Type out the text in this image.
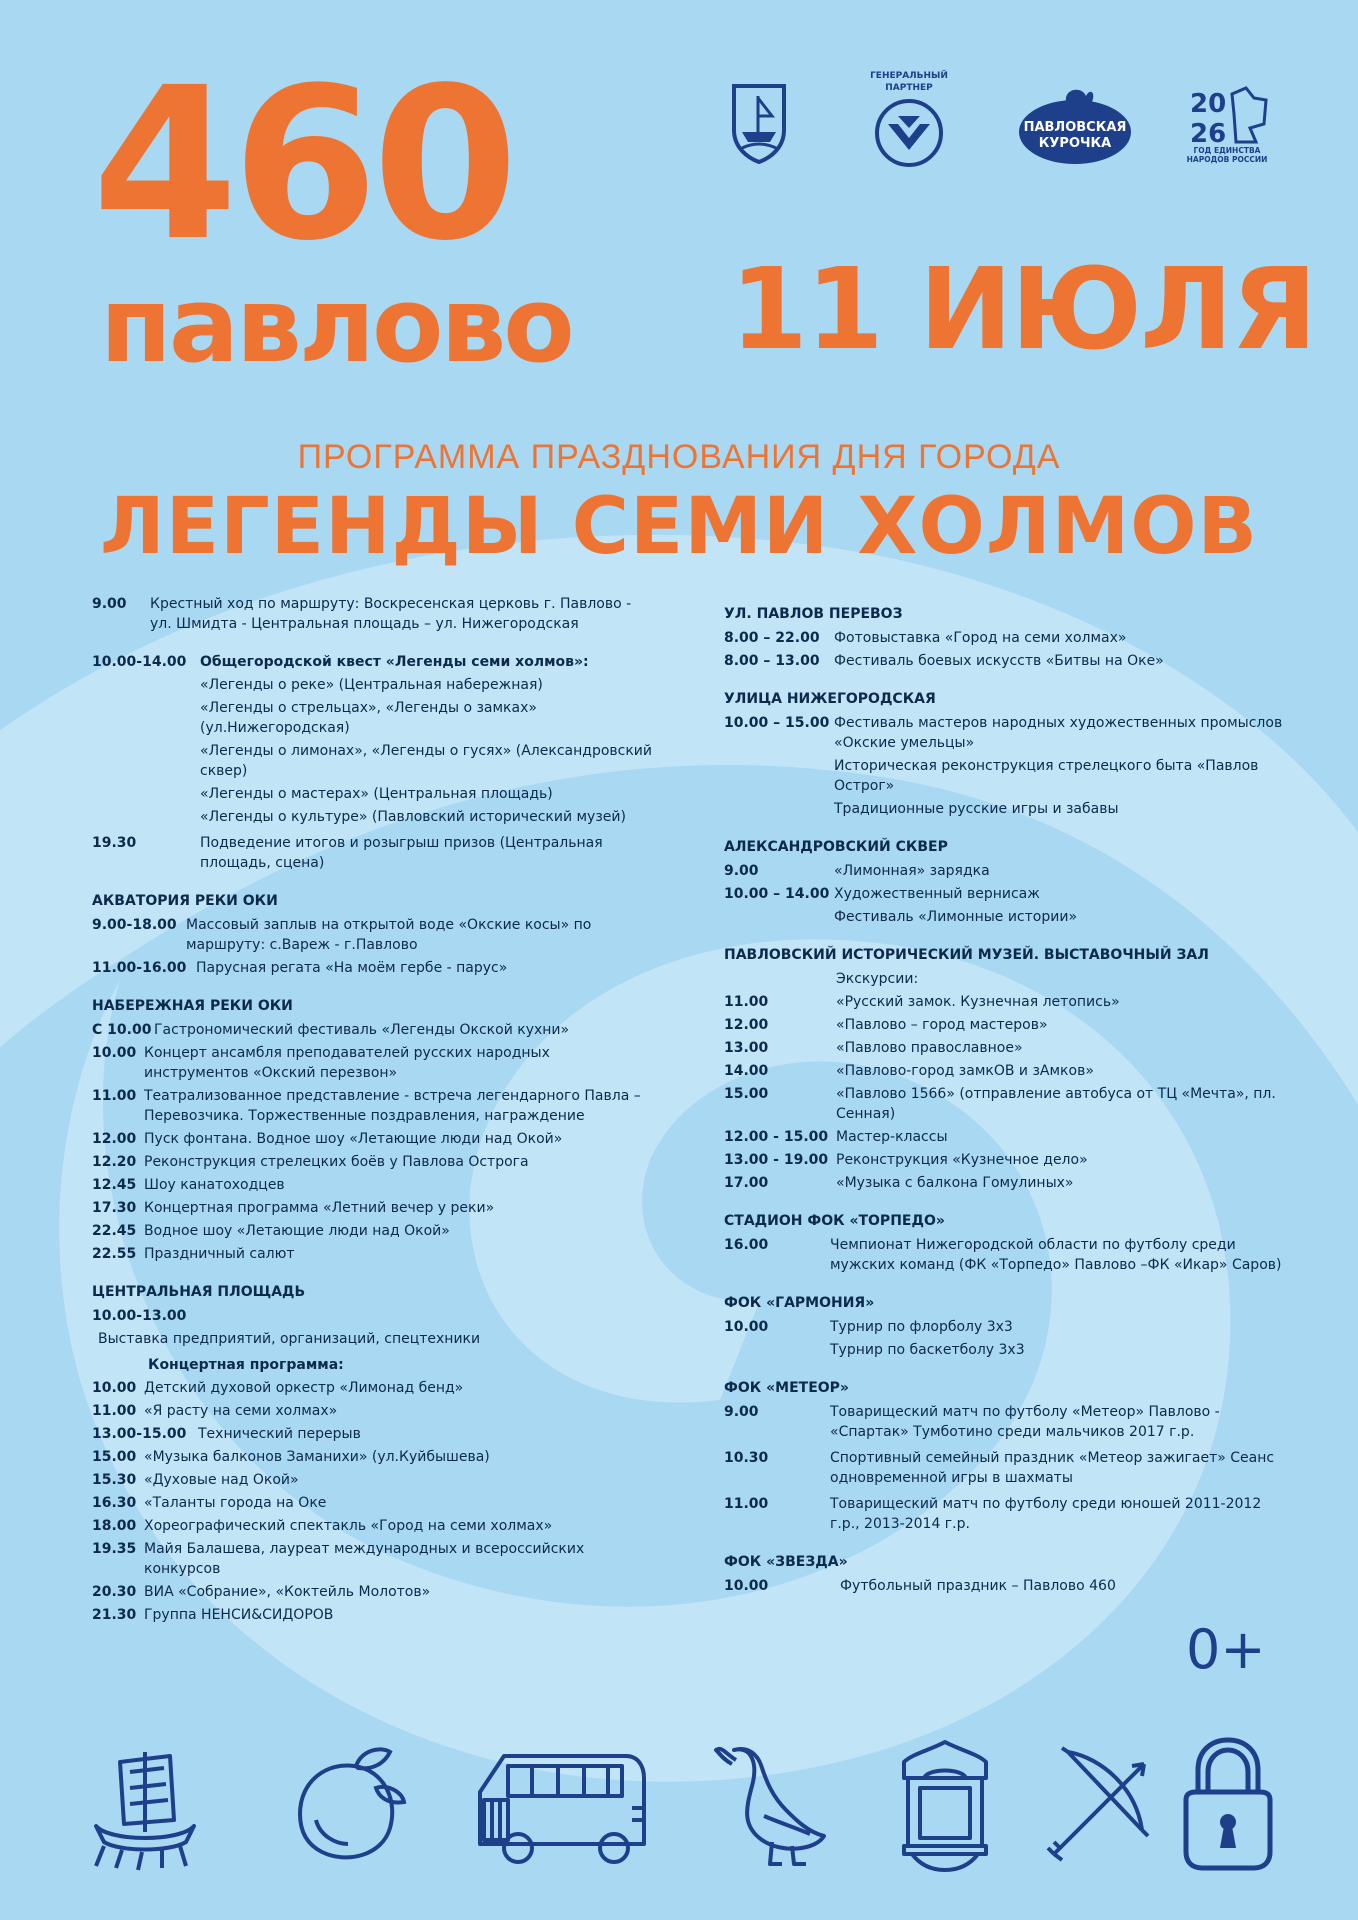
460
павлово 11 ИЮЛЯ
ПРОГРАММА ПРАЗДНОВАНИЯ ДНЯ ГОРОДА
ЛЕГЕНДЫ СЕМИ ХОЛМОВ
ГЕНЕРАЛЬНЫЙ ПАРТНЕР
ПАВЛОВСКАЯ КУРОЧКА
20
26
ГОД ЕДИНСТВА НАРОДОВ РОССИИ
9.00	Крестный ход по маршруту: Воскресенская церковь г. Павлово - ул. Шмидта - Центральная площадь – ул. Нижегородская
10.00-14.00 Общегородской квест «Легенды семи холмов»:
«Легенды о реке» (Центральная набережная)
«Легенды о стрельцах», «Легенды о замках» (ул.Нижегородская)
«Легенды о лимонах», «Легенды о гусях» (Александровский сквер)
«Легенды о мастерах» (Центральная площадь)
«Легенды о культуре» (Павловский исторический музей)
19.30	Подведение итогов и розыгрыш призов (Центральная площадь, сцена)
АКВАТОРИЯ РЕКИ ОКИ
9.00-18.00 Массовый заплыв на открытой воде «Окские косы» по маршруту: с.Вареж - г.Павлово
11.00-16.00 Парусная регата «На моём гербе - парус»
НАБЕРЕЖНАЯ РЕКИ ОКИ
С 10.00 Гастрономический фестиваль «Легенды Окской кухни»
10.00 Концерт ансамбля преподавателей русских народных инструментов «Окский перезвон»
11.00 Театрализованное представление - встреча легендарного Павла – Перевозчика. Торжественные поздравления, награждение
12.00 Пуск фонтана. Водное шоу «Летающие люди над Окой»
12.20 Реконструкция стрелецких боёв у Павлова Острога
12.45 Шоу канатоходцев
17.30 Концертная программа «Летний вечер у реки»
22.45 Водное шоу «Летающие люди над Окой»
22.55 Праздничный салют
ЦЕНТРАЛЬНАЯ ПЛОЩАДЬ
10.00-13.00
Выставка предприятий, организаций, спецтехники
Концертная программа:
10.00 Детский духовой оркестр «Лимонад бенд»
11.00 «Я расту на семи холмах»
13.00-15.00 Технический перерыв
15.00 «Музыка балконов Заманихи» (ул.Куйбышева)
15.30 «Духовые над Окой»
16.30 «Таланты города на Оке
18.00 Хореографический спектакль «Город на семи холмах»
19.35 Майя Балашева, лауреат международных и всероссийских конкурсов
20.30 ВИА «Собрание», «Коктейль Молотов»
21.30 Группа НЕНСИ&СИДОРОВ
УЛ. ПАВЛОВ ПЕРЕВОЗ
8.00 – 22.00	Фотовыставка «Город на семи холмах»
8.00 – 13.00	Фестиваль боевых искусств «Битвы на Оке»
УЛИЦА НИЖЕГОРОДСКАЯ
10.00 – 15.00 Фестиваль мастеров народных художественных промыслов «Окские умельцы»
Историческая реконструкция стрелецкого быта «Павлов Острог»
Традиционные русские игры и забавы
АЛЕКСАНДРОВСКИЙ СКВЕР
9.00	«Лимонная» зарядка
10.00 – 14.00 Художественный вернисаж
Фестиваль «Лимонные истории»
ПАВЛОВСКИЙ ИСТОРИЧЕСКИЙ МУЗЕЙ. ВЫСТАВОЧНЫЙ ЗАЛ
Экскурсии:
11.00	«Русский замок. Кузнечная летопись»
12.00	«Павлово – город мастеров»
13.00	«Павлово православное»
14.00	«Павлово-город замкОВ и зАмков»
15.00	«Павлово 1566» (отправление автобуса от ТЦ «Мечта», пл. Сенная)
12.00 - 15.00 Мастер-классы
13.00 - 19.00 Реконструкция «Кузнечное дело»
17.00	«Музыка с балкона Гомулиных»
СТАДИОН ФОК «ТОРПЕДО»
16.00	Чемпионат Нижегородской области по футболу среди мужских команд (ФК «Торпедо» Павлово –ФК «Икар» Саров)
ФОК «ГАРМОНИЯ»
10.00	Турнир по флорболу 3х3
Турнир по баскетболу 3х3
ФОК «МЕТЕОР»
9.00	Товарищеский матч по футболу «Метеор» Павлово - «Спартак» Тумботино среди мальчиков 2017 г.р.
10.30	Спортивный семейный праздник «Метеор зажигает» Сеанс одновременной игры в шахматы
11.00	Товарищеский матч по футболу среди юношей 2011-2012 г.р., 2013-2014 г.р.
ФОК «ЗВЕЗДА»
10.00	Футбольный праздник – Павлово 460
0+
